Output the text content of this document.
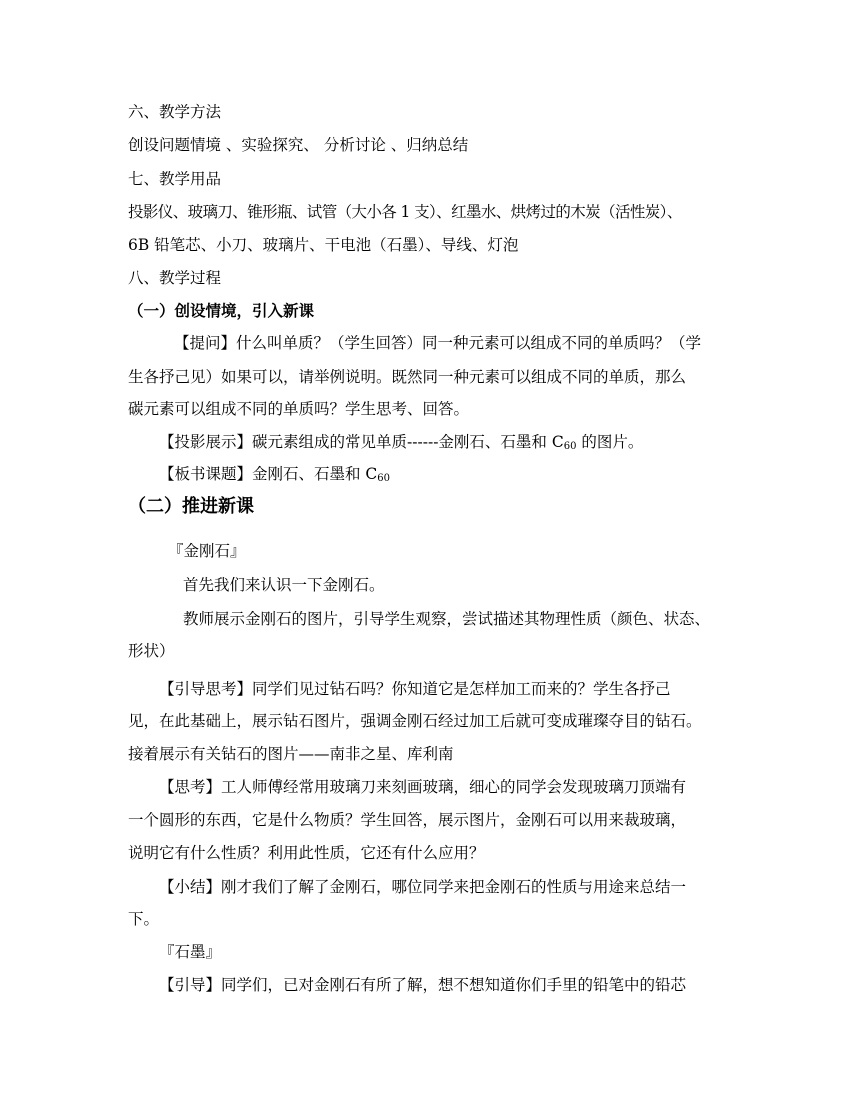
六、教学方法
创设问题情境 、实验探究、 分析讨论 、归纳总结
七、教学用品
投影仪、玻璃刀、锥形瓶、试管（大小各 1 支）、红墨水、烘烤过的木炭（活性炭）、
6B 铅笔芯、小刀、玻璃片、干电池（石墨）、导线、灯泡
八、教学过程
（一）创设情境，引入新课
【提问】什么叫单质？（学生回答）同一种元素可以组成不同的单质吗？（学
生各抒己见）如果可以，请举例说明。既然同一种元素可以组成不同的单质，那么
碳元素可以组成不同的单质吗？学生思考、回答。
【投影展示】碳元素组成的常见单质------金刚石、石墨和 $C_{60}$ 的图片。
【板书课题】金刚石、石墨和 $C_{60}$
（二）推进新课
『金刚石』
首先我们来认识一下金刚石。
教师展示金刚石的图片，引导学生观察，尝试描述其物理性质（颜色、状态、
形状）
【引导思考】同学们见过钻石吗？你知道它是怎样加工而来的？学生各抒己
见，在此基础上，展示钻石图片，强调金刚石经过加工后就可变成璀璨夺目的钻石。
接着展示有关钻石的图片——南非之星、库利南
【思考】工人师傅经常用玻璃刀来刻画玻璃，细心的同学会发现玻璃刀顶端有
一个圆形的东西，它是什么物质？学生回答，展示图片，金刚石可以用来裁玻璃，
说明它有什么性质？利用此性质，它还有什么应用？
【小结】刚才我们了解了金刚石，哪位同学来把金刚石的性质与用途来总结一
下。
『石墨』
【引导】同学们，已对金刚石有所了解，想不想知道你们手里的铅笔中的铅芯
